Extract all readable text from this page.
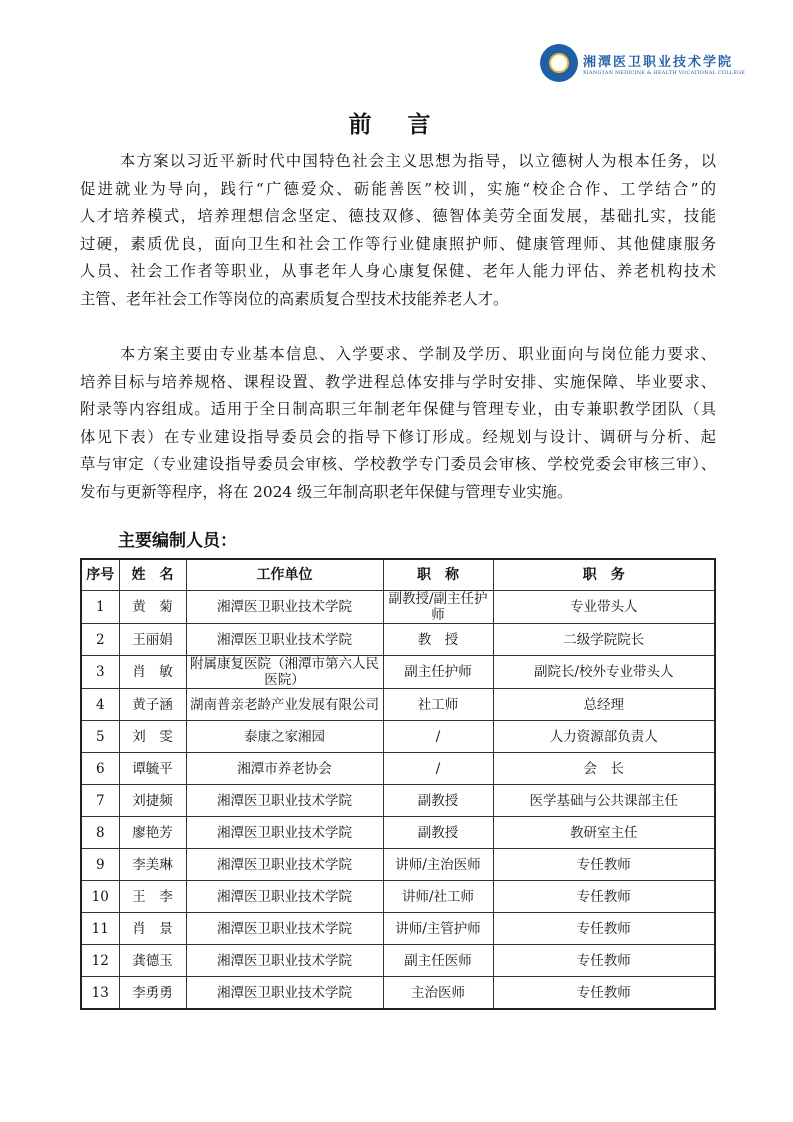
湘潭医卫职业技术学院
XIANGTAN MEDICINE & HEALTH VOCATIONAL COLLEGE
前 言
本方案以习近平新时代中国特色社会主义思想为指导，以立德树人为根本任务，以
促进就业为导向，践行“广德爱众、砺能善医”校训，实施“校企合作、工学结合”的
人才培养模式，培养理想信念坚定、德技双修、德智体美劳全面发展，基础扎实，技能
过硬，素质优良，面向卫生和社会工作等行业健康照护师、健康管理师、其他健康服务
人员、社会工作者等职业，从事老年人身心康复保健、老年人能力评估、养老机构技术
主管、老年社会工作等岗位的高素质复合型技术技能养老人才。
本方案主要由专业基本信息、入学要求、学制及学历、职业面向与岗位能力要求、
培养目标与培养规格、课程设置、教学进程总体安排与学时安排、实施保障、毕业要求、
附录等内容组成。适用于全日制高职三年制老年保健与管理专业，由专兼职教学团队（具
体见下表）在专业建设指导委员会的指导下修订形成。经规划与设计、调研与分析、起
草与审定（专业建设指导委员会审核、学校教学专门委员会审核、学校党委会审核三审）、
发布与更新等程序，将在 2024 级三年制高职老年保健与管理专业实施。
主要编制人员：
序号	姓　名	工作单位	职　称	职　务
1	黄　菊	湘潭医卫职业技术学院	副教授/副主任护师	专业带头人
2	王丽娟	湘潭医卫职业技术学院	教　授	二级学院院长
3	肖　敏	附属康复医院（湘潭市第六人民医院）	副主任护师	副院长/校外专业带头人
4	黄子涵	湖南普亲老龄产业发展有限公司	社工师	总经理
5	刘　雯	泰康之家湘园	/	人力资源部负责人
6	谭毓平	湘潭市养老协会	/	会　长
7	刘捷频	湘潭医卫职业技术学院	副教授	医学基础与公共课部主任
8	廖艳芳	湘潭医卫职业技术学院	副教授	教研室主任
9	李美琳	湘潭医卫职业技术学院	讲师/主治医师	专任教师
10	王　李	湘潭医卫职业技术学院	讲师/社工师	专任教师
11	肖　景	湘潭医卫职业技术学院	讲师/主管护师	专任教师
12	龚德玉	湘潭医卫职业技术学院	副主任医师	专任教师
13	李勇勇	湘潭医卫职业技术学院	主治医师	专任教师
